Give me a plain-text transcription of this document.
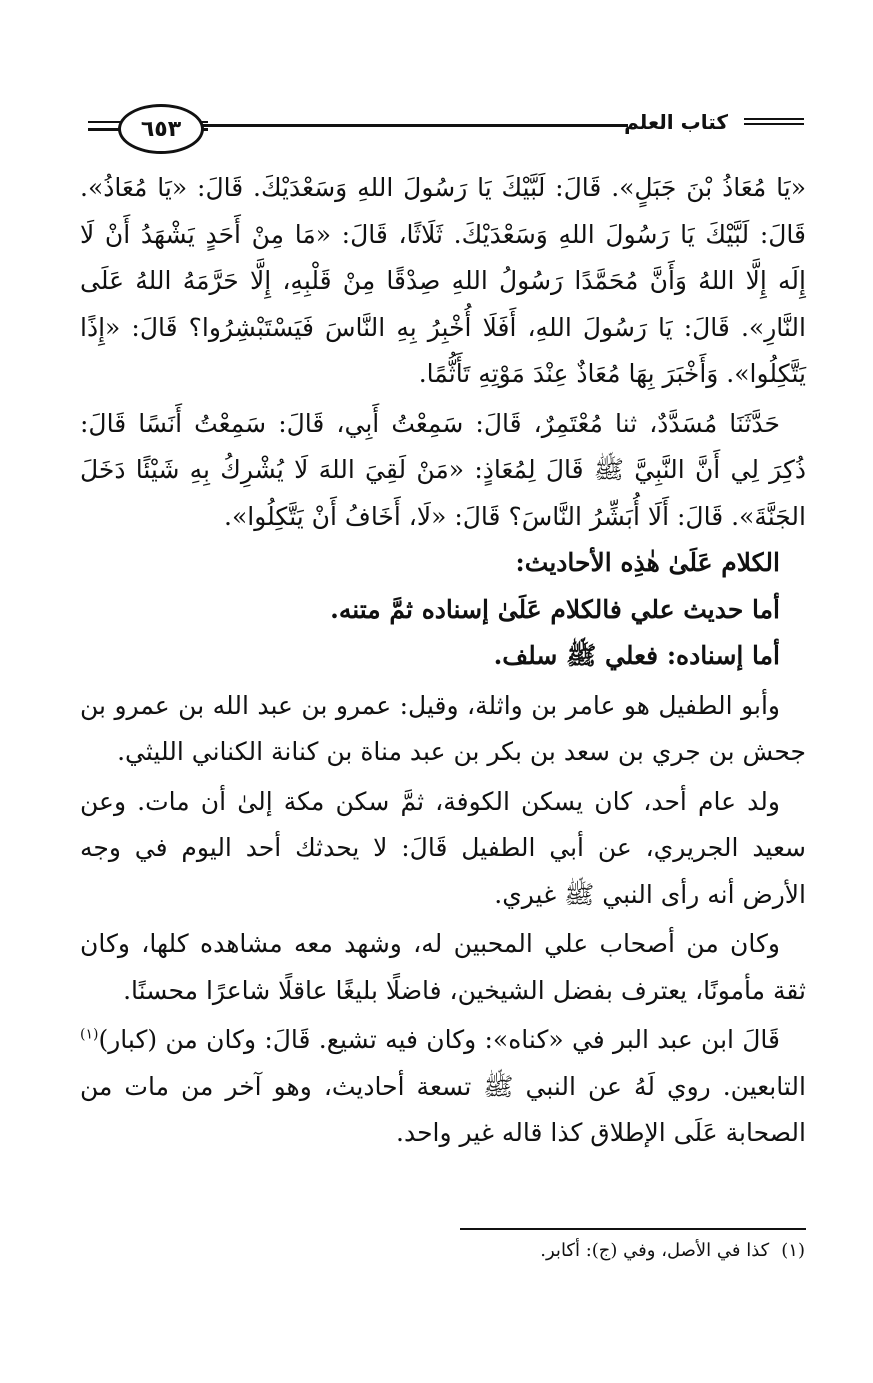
٦٥٣	كتاب العلم

«يَا مُعَاذُ بْنَ جَبَلٍ». قَالَ: لَبَّيْكَ يَا رَسُولَ اللهِ وَسَعْدَيْكَ. قَالَ: «يَا مُعَاذُ». قَالَ: لَبَّيْكَ يَا رَسُولَ اللهِ وَسَعْدَيْكَ. ثَلَاثًا، قَالَ: «مَا مِنْ أَحَدٍ يَشْهَدُ أَنْ لَا إِلَه إِلَّا اللهُ وَأَنَّ مُحَمَّدًا رَسُولُ اللهِ صِدْقًا مِنْ قَلْبِهِ، إِلَّا حَرَّمَهُ اللهُ عَلَى النَّارِ». قَالَ: يَا رَسُولَ اللهِ، أَفَلَا أُخْبِرُ بِهِ النَّاسَ فَيَسْتَبْشِرُوا؟ قَالَ: «إِذًا يَتَّكِلُوا». وَأَخْبَرَ بِهَا مُعَاذٌ عِنْدَ مَوْتِهِ تَأَثُّمًا.

حَدَّثَنَا مُسَدَّدٌ، ثنا مُعْتَمِرٌ، قَالَ: سَمِعْتُ أَبِي، قَالَ: سَمِعْتُ أَنَسًا قَالَ: ذُكِرَ لِي أَنَّ النَّبِيَّ ﷺ قَالَ لِمُعَاذٍ: «مَنْ لَقِيَ اللهَ لَا يُشْرِكُ بِهِ شَيْئًا دَخَلَ الجَنَّةَ». قَالَ: أَلَا أُبَشِّرُ النَّاسَ؟ قَالَ: «لَا، أَخَافُ أَنْ يَتَّكِلُوا».

الكلام عَلَىٰ هٰذِه الأحاديث:

أما حديث علي فالكلام عَلَىٰ إسناده ثمَّ متنه.

أما إسناده: فعلي ﷺ سلف.

وأبو الطفيل هو عامر بن واثلة، وقيل: عمرو بن عبد الله بن عمرو بن جحش بن جري بن سعد بن بكر بن عبد مناة بن كنانة الكناني الليثي.

ولد عام أحد، كان يسكن الكوفة، ثمَّ سكن مكة إلىٰ أن مات. وعن سعيد الجريري، عن أبي الطفيل قَالَ: لا يحدثك أحد اليوم في وجه الأرض أنه رأى النبي ﷺ غيري.

وكان من أصحاب علي المحبين له، وشهد معه مشاهده كلها، وكان ثقة مأمونًا، يعترف بفضل الشيخين، فاضلًا بليغًا عاقلًا شاعرًا محسنًا.

قَالَ ابن عبد البر في «كناه»: وكان فيه تشيع. قَالَ: وكان من (كبار)$^{(١)}$ التابعين. روي لَهُ عن النبي ﷺ تسعة أحاديث، وهو آخر من مات من الصحابة عَلَى الإطلاق كذا قاله غير واحد.

(١)كذا في الأصل، وفي (ج): أكابر.
